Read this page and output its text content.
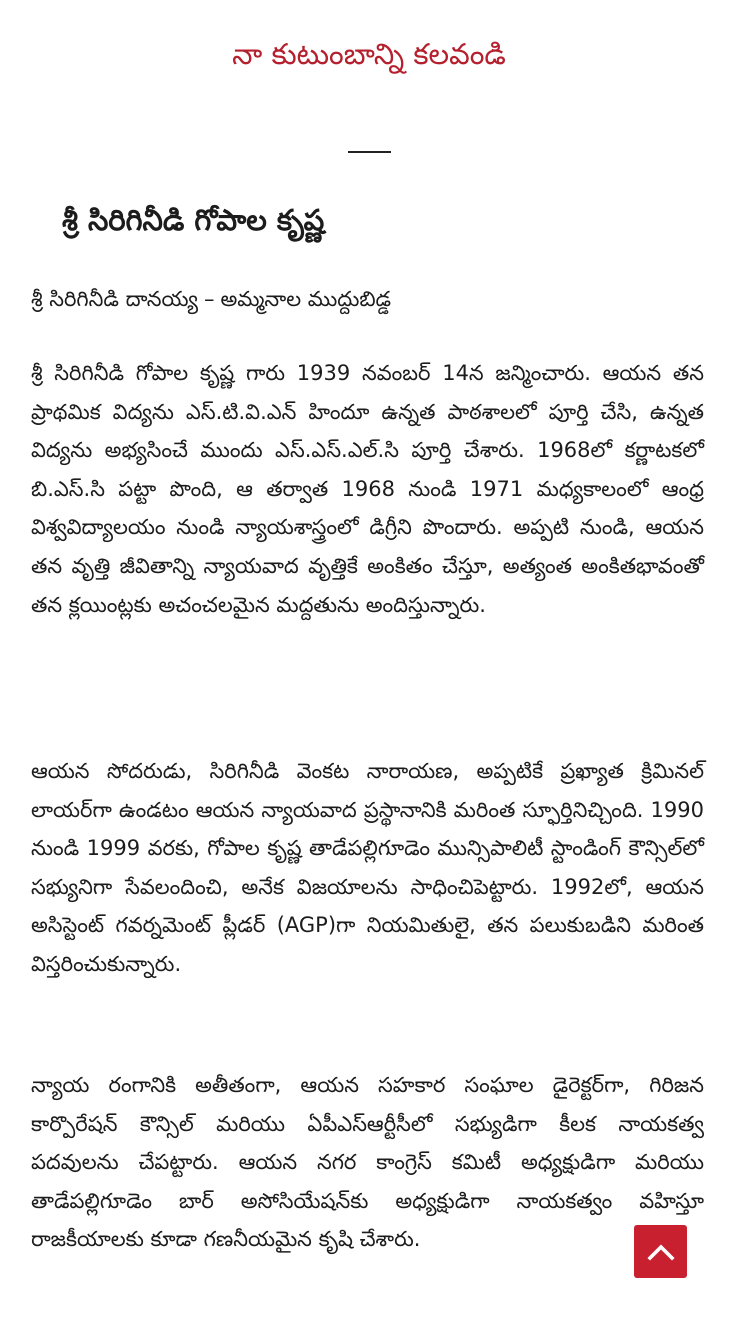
నా కుటుంబాన్ని కలవండి
శ్రీ సిరిగినీడి గోపాల కృష్ణ

శ్రీ సిరిగినీడి దానయ్య – అమ్మనాల ముద్దుబిడ్డ

శ్రీ సిరిగినీడి గోపాల కృష్ణ గారు 1939 నవంబర్ 14న జన్మించారు. ఆయన తన ప్రాథమిక విద్యను ఎస్.టి.వి.ఎన్ హిందూ ఉన్నత పాఠశాలలో పూర్తి చేసి, ఉన్నత విద్యను అభ్యసించే ముందు ఎస్.ఎస్.ఎల్.సి పూర్తి చేశారు. 1968లో కర్ణాటకలో బి.ఎస్.సి పట్టా పొంది, ఆ తర్వాత 1968 నుండి 1971 మధ్యకాలంలో ఆంధ్ర విశ్వవిద్యాలయం నుండి న్యాయశాస్త్రంలో డిగ్రీని పొందారు. అప్పటి నుండి, ఆయన తన వృత్తి జీవితాన్ని న్యాయవాద వృత్తికే అంకితం చేస్తూ, అత్యంత అంకితభావంతో తన క్లయింట్లకు అచంచలమైన మద్దతును అందిస్తున్నారు.

ఆయన సోదరుడు, సిరిగినీడి వెంకట నారాయణ, అప్పటికే ప్రఖ్యాత క్రిమినల్ లాయర్‌గా ఉండటం ఆయన న్యాయవాద ప్రస్థానానికి మరింత స్ఫూర్తినిచ్చింది. 1990 నుండి 1999 వరకు, గోపాల కృష్ణ తాడేపల్లిగూడెం మున్సిపాలిటీ స్టాండింగ్ కౌన్సిల్‌లో సభ్యునిగా సేవలందించి, అనేక విజయాలను సాధించిపెట్టారు. 1992లో, ఆయన అసిస్టెంట్ గవర్నమెంట్ ప్లీడర్ (AGP)గా నియమితులై, తన పలుకుబడిని మరింత విస్తరించుకున్నారు.

న్యాయ రంగానికి అతీతంగా, ఆయన సహకార సంఘాల డైరెక్టర్‌గా, గిరిజన కార్పొరేషన్ కౌన్సిల్ మరియు ఏపీఎస్ఆర్టీసీలో సభ్యుడిగా కీలక నాయకత్వ పదవులను చేపట్టారు. ఆయన నగర కాంగ్రెస్ కమిటీ అధ్యక్షుడిగా మరియు తాడేపల్లిగూడెం బార్ అసోసియేషన్‌కు అధ్యక్షుడిగా నాయకత్వం వహిస్తూ రాజకీయాలకు కూడా గణనీయమైన కృషి చేశారు.
